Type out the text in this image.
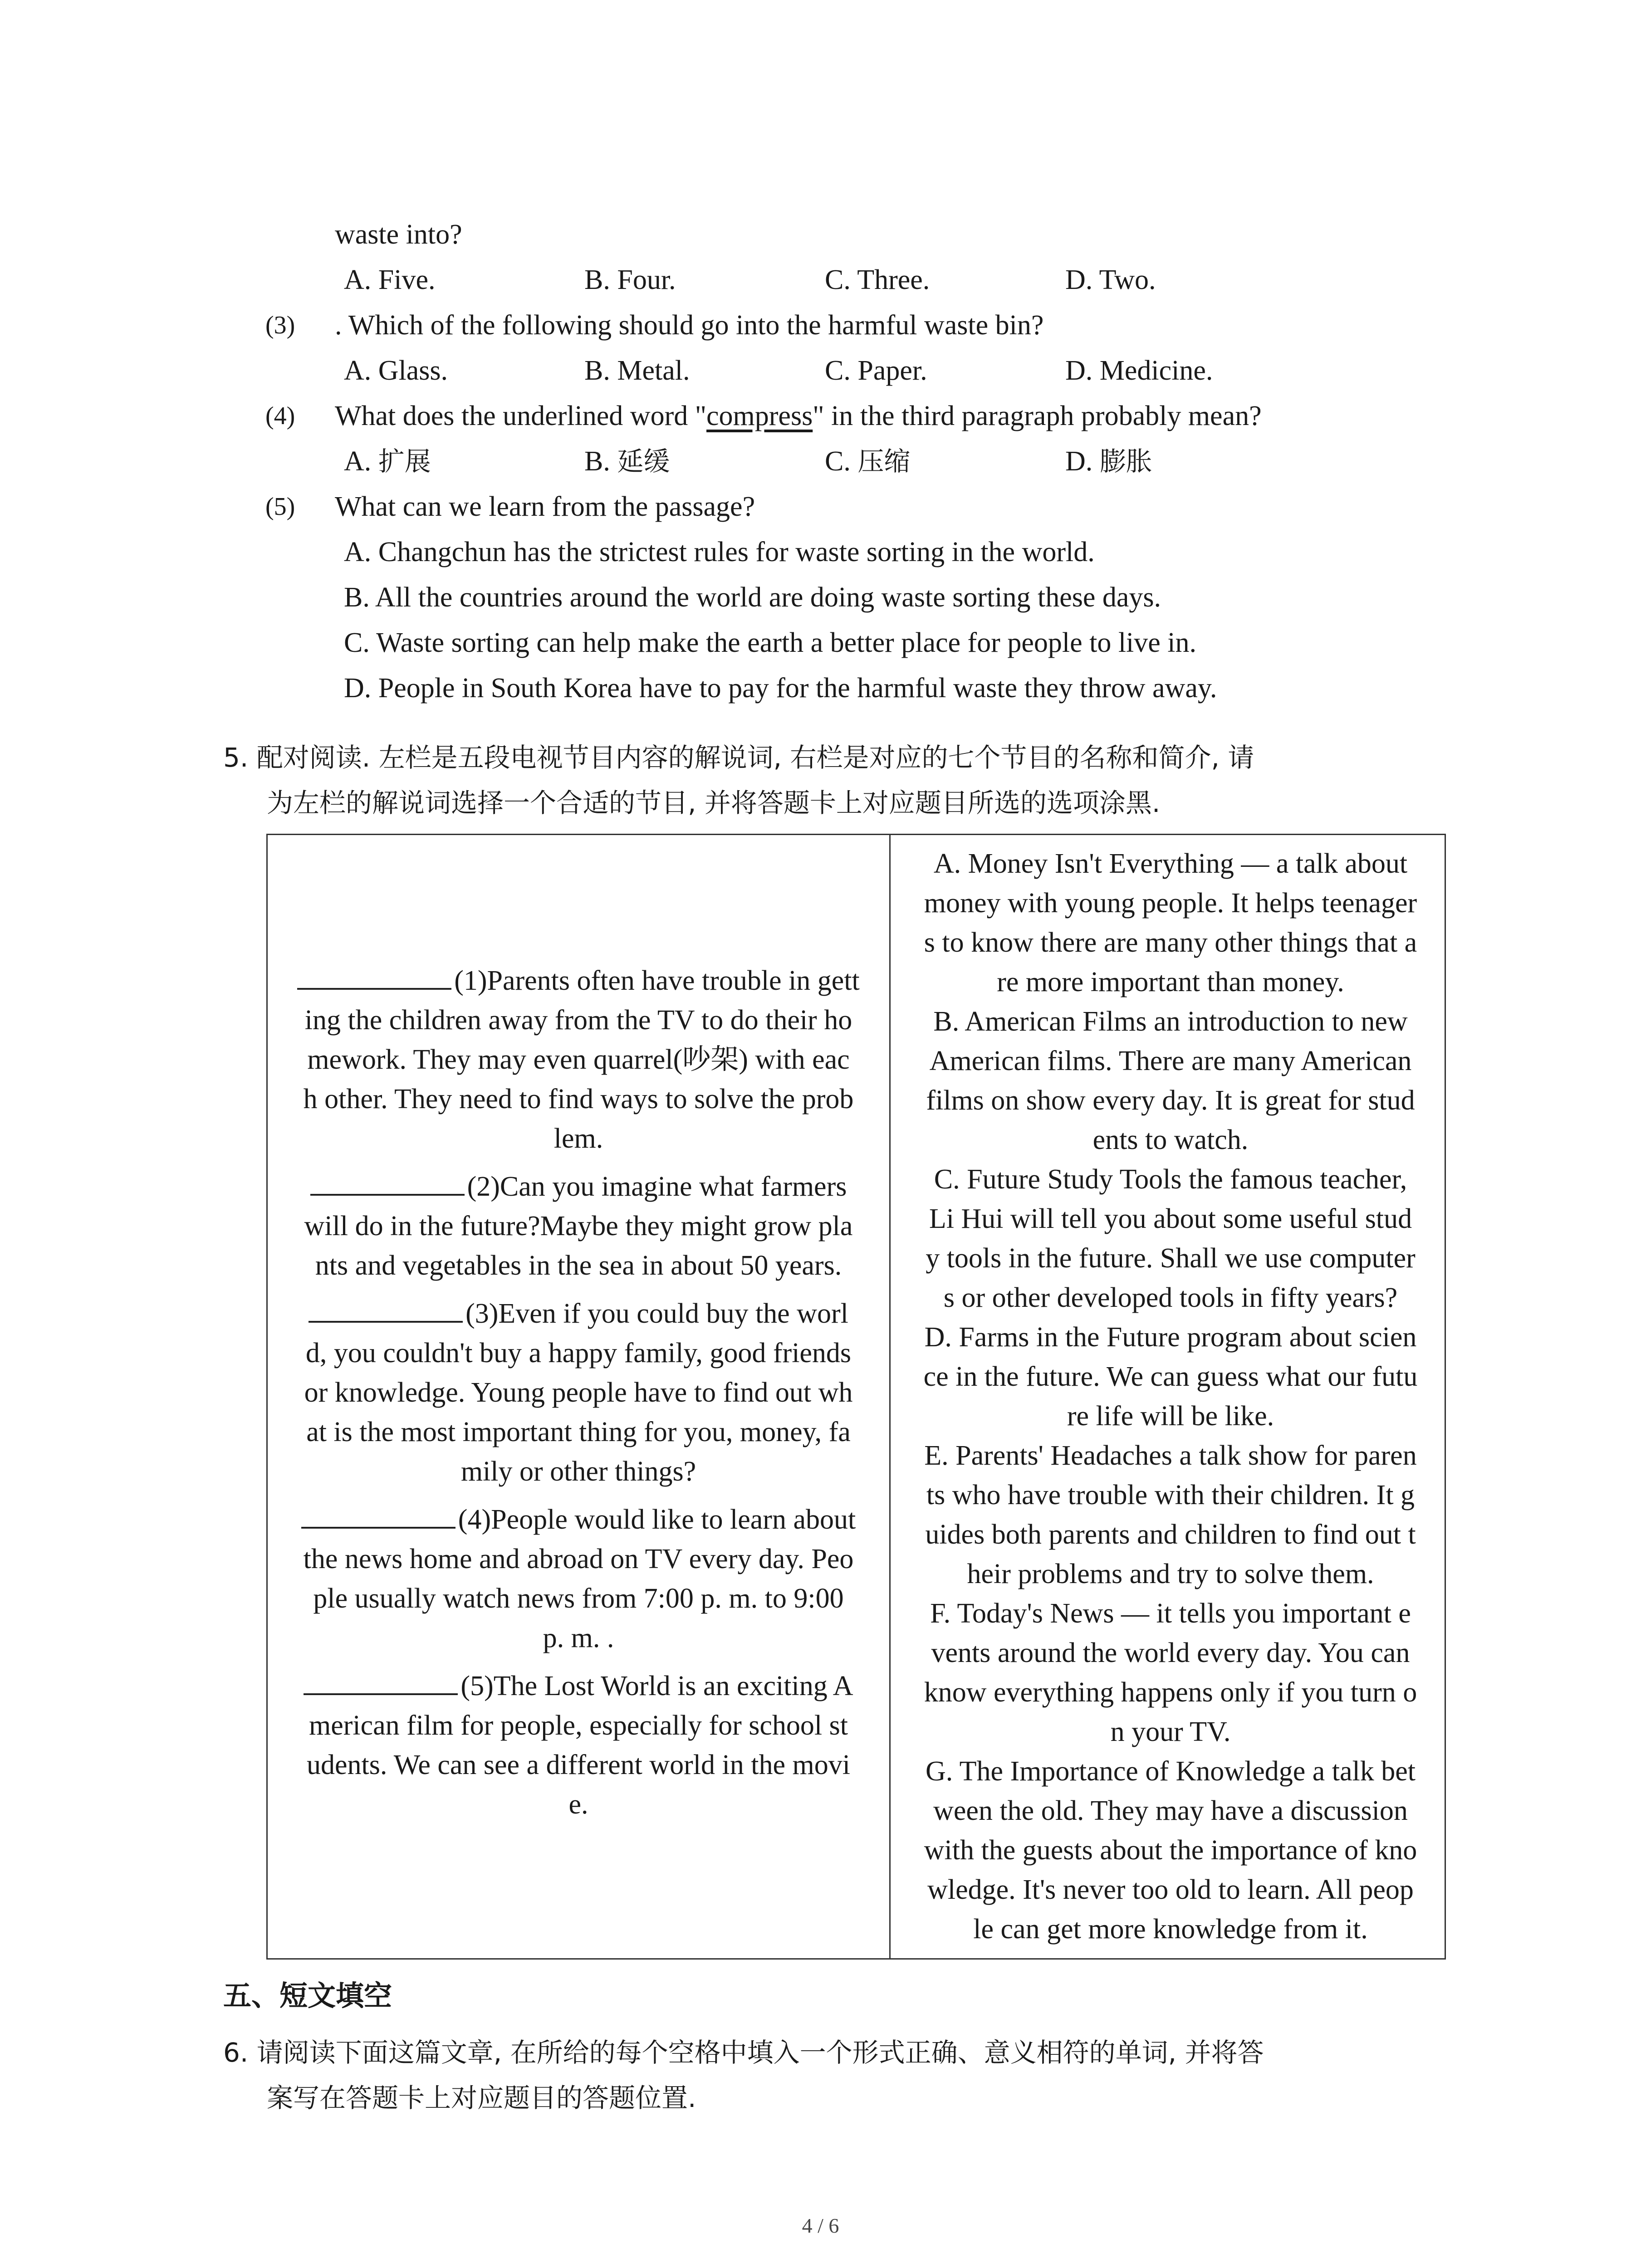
waste into?
A. Five.	B. Four.	C. Three.	D. Two.
(3) . Which of the following should go into the harmful waste bin?
A. Glass.	B. Metal.	C. Paper.	D. Medicine.
(4) What does the underlined word "compress" in the third paragraph probably mean?
A. 扩展	B. 延缓	C. 压缩	D. 膨胀
(5) What can we learn from the passage?
A. Changchun has the strictest rules for waste sorting in the world.
B. All the countries around the world are doing waste sorting these days.
C. Waste sorting can help make the earth a better place for people to live in.
D. People in South Korea have to pay for the harmful waste they throw away.
5. 配对阅读. 左栏是五段电视节目内容的解说词, 右栏是对应的七个节目的名称和简介, 请
为左栏的解说词选择一个合适的节目, 并将答题卡上对应题目所选的选项涂黑.
(1)Parents often have trouble in gett
ing the children away from the TV to do their ho
mework. They may even quarrel(吵架) with eac
h other. They need to find ways to solve the prob
lem.
(2)Can you imagine what farmers
will do in the future?Maybe they might grow pla
nts and vegetables in the sea in about 50 years.
(3)Even if you could buy the worl
d, you couldn't buy a happy family, good friends
or knowledge. Young people have to find out wh
at is the most important thing for you, money, fa
mily or other things?
(4)People would like to learn about
the news home and abroad on TV every day. Peo
ple usually watch news from 7:00 p. m. to 9:00
p. m. .
(5)The Lost World is an exciting A
merican film for people, especially for school st
udents. We can see a different world in the movi
e.
A. Money Isn't Everything — a talk about
money with young people. It helps teenager
s to know there are many other things that a
re more important than money.
B. American Films an introduction to new
American films. There are many American
films on show every day. It is great for stud
ents to watch.
C. Future Study Tools the famous teacher,
Li Hui will tell you about some useful stud
y tools in the future. Shall we use computer
s or other developed tools in fifty years?
D. Farms in the Future program about scien
ce in the future. We can guess what our futu
re life will be like.
E. Parents' Headaches a talk show for paren
ts who have trouble with their children. It g
uides both parents and children to find out t
heir problems and try to solve them.
F. Today's News — it tells you important e
vents around the world every day. You can
know everything happens only if you turn o
n your TV.
G. The Importance of Knowledge a talk bet
ween the old. They may have a discussion
with the guests about the importance of kno
wledge. It's never too old to learn. All peop
le can get more knowledge from it.
五、短文填空
6. 请阅读下面这篇文章, 在所给的每个空格中填入一个形式正确、意义相符的单词, 并将答
案写在答题卡上对应题目的答题位置.
4 / 6
